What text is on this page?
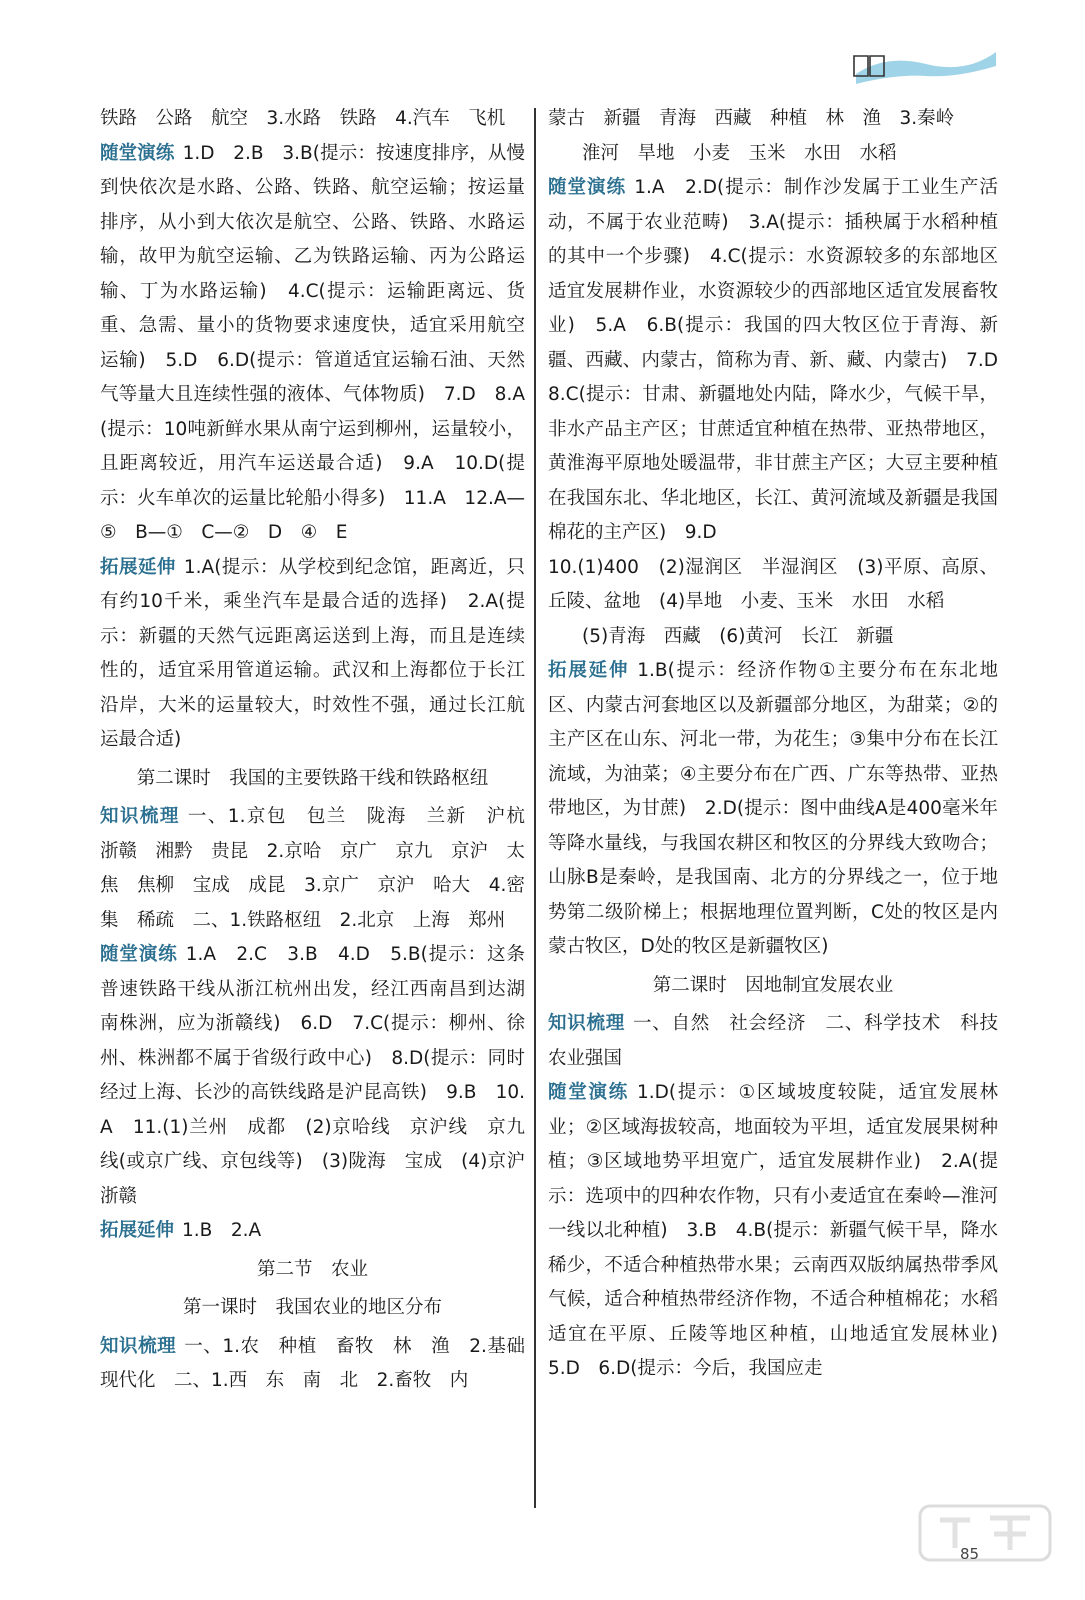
铁路　公路　航空　3.水路　铁路　4.汽车　飞机

随堂演练 1.D　2.B　3.B(提示：按速度排序，从慢到快依次是水路、公路、铁路、航空运输；按运量排序，从小到大依次是航空、公路、铁路、水路运输，故甲为航空运输、乙为铁路运输、丙为公路运输、丁为水路运输)　4.C(提示：运输距离远、货重、急需、量小的货物要求速度快，适宜采用航空运输)　5.D　6.D(提示：管道适宜运输石油、天然气等量大且连续性强的液体、气体物质)　7.D　8.A(提示：10吨新鲜水果从南宁运到柳州，运量较小，且距离较近，用汽车运送最合适)　9.A　10.D(提示：火车单次的运量比轮船小得多)　11.A　12.A—⑤　B—①　C—②　D　④　E

拓展延伸 1.A(提示：从学校到纪念馆，距离近，只有约10千米，乘坐汽车是最合适的选择)　2.A(提示：新疆的天然气远距离运送到上海，而且是连续性的，适宜采用管道运输。武汉和上海都位于长江沿岸，大米的运量较大，时效性不强，通过长江航运最合适)

第二课时　我国的主要铁路干线和铁路枢纽

知识梳理 一、1.京包　包兰　陇海　兰新　沪杭　浙赣　湘黔　贵昆　2.京哈　京广　京九　京沪　太焦　焦柳　宝成　成昆　3.京广　京沪　哈大　4.密集　稀疏　二、1.铁路枢纽　2.北京　上海　郑州

随堂演练 1.A　2.C　3.B　4.D　5.B(提示：这条普速铁路干线从浙江杭州出发，经江西南昌到达湖南株洲，应为浙赣线)　6.D　7.C(提示：柳州、徐州、株洲都不属于省级行政中心)　8.D(提示：同时经过上海、长沙的高铁线路是沪昆高铁)　9.B　10.A　11.(1)兰州　成都　(2)京哈线　京沪线　京九线(或京广线、京包线等)　(3)陇海　宝成　(4)京沪　浙赣

拓展延伸 1.B　2.A

第二节　农业

第一课时　我国农业的地区分布

知识梳理 一、1.农　种植　畜牧　林　渔　2.基础　现代化　二、1.西　东　南　北　2.畜牧　内

蒙古　新疆　青海　西藏　种植　林　渔　3.秦岭

淮河　旱地　小麦　玉米　水田　水稻

随堂演练 1.A　2.D(提示：制作沙发属于工业生产活动，不属于农业范畴)　3.A(提示：插秧属于水稻种植的其中一个步骤)　4.C(提示：水资源较多的东部地区适宜发展耕作业，水资源较少的西部地区适宜发展畜牧业)　5.A　6.B(提示：我国的四大牧区位于青海、新疆、西藏、内蒙古，简称为青、新、藏、内蒙古)　7.D　8.C(提示：甘肃、新疆地处内陆，降水少，气候干旱，非水产品主产区；甘蔗适宜种植在热带、亚热带地区，黄淮海平原地处暖温带，非甘蔗主产区；大豆主要种植在我国东北、华北地区，长江、黄河流域及新疆是我国棉花的主产区)　9.D

10.(1)400　(2)湿润区　半湿润区　(3)平原、高原、丘陵、盆地　(4)旱地　小麦、玉米　水田　水稻

(5)青海　西藏　(6)黄河　长江　新疆

拓展延伸 1.B(提示：经济作物①主要分布在东北地区、内蒙古河套地区以及新疆部分地区，为甜菜；②的主产区在山东、河北一带，为花生；③集中分布在长江流域，为油菜；④主要分布在广西、广东等热带、亚热带地区，为甘蔗)　2.D(提示：图中曲线A是400毫米年等降水量线，与我国农耕区和牧区的分界线大致吻合；山脉B是秦岭，是我国南、北方的分界线之一，位于地势第二级阶梯上；根据地理位置判断，C处的牧区是内蒙古牧区，D处的牧区是新疆牧区)

第二课时　因地制宜发展农业

知识梳理 一、自然　社会经济　二、科学技术　科技　农业强国

随堂演练 1.D(提示：①区域坡度较陡，适宜发展林业；②区域海拔较高，地面较为平坦，适宜发展果树种植；③区域地势平坦宽广，适宜发展耕作业)　2.A(提示：选项中的四种农作物，只有小麦适宜在秦岭—淮河一线以北种植)　3.B　4.B(提示：新疆气候干旱，降水稀少，不适合种植热带水果；云南西双版纳属热带季风气候，适合种植热带经济作物，不适合种植棉花；水稻适宜在平原、丘陵等地区种植，山地适宜发展林业)　5.D　6.D(提示：今后，我国应走

85
